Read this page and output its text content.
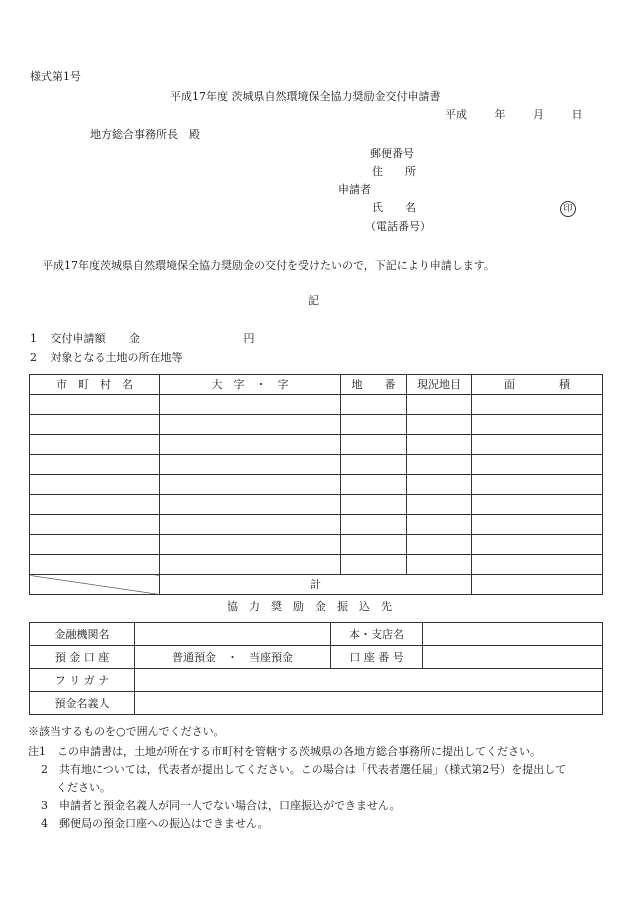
様式第1号
平成17年度 茨城県自然環境保全協力奨励金交付申請書
平成	年	月	日
地方総合事務所長　殿
郵便番号
住　　所
申請者
氏　　名	印
（電話番号）
平成17年度茨城県自然環境保全協力奨励金の交付を受けたいので，下記により申請します。
記
1 交付申請額 金	円
2 対象となる土地の所在地等
市　町　村　名	大　字　・　字	地　　番	現況地目	面　　　　積

	計			
協　力　奨　励　金　振　込　先
金融機関名		本・支店名	
預 金 口 座	普通預金　・　当座預金	口 座 番 号	
フ リ ガ ナ			
預金名義人			
※該当するものを○で囲んでください。
注1　この申請書は，土地が所在する市町村を管轄する茨城県の各地方総合事務所に提出してください。
2　共有地については，代表者が提出してください。この場合は「代表者選任届」（様式第2号）を提出して
ください。
3　申請者と預金名義人が同一人でない場合は，口座振込ができません。
4　郵便局の預金口座への振込はできません。
